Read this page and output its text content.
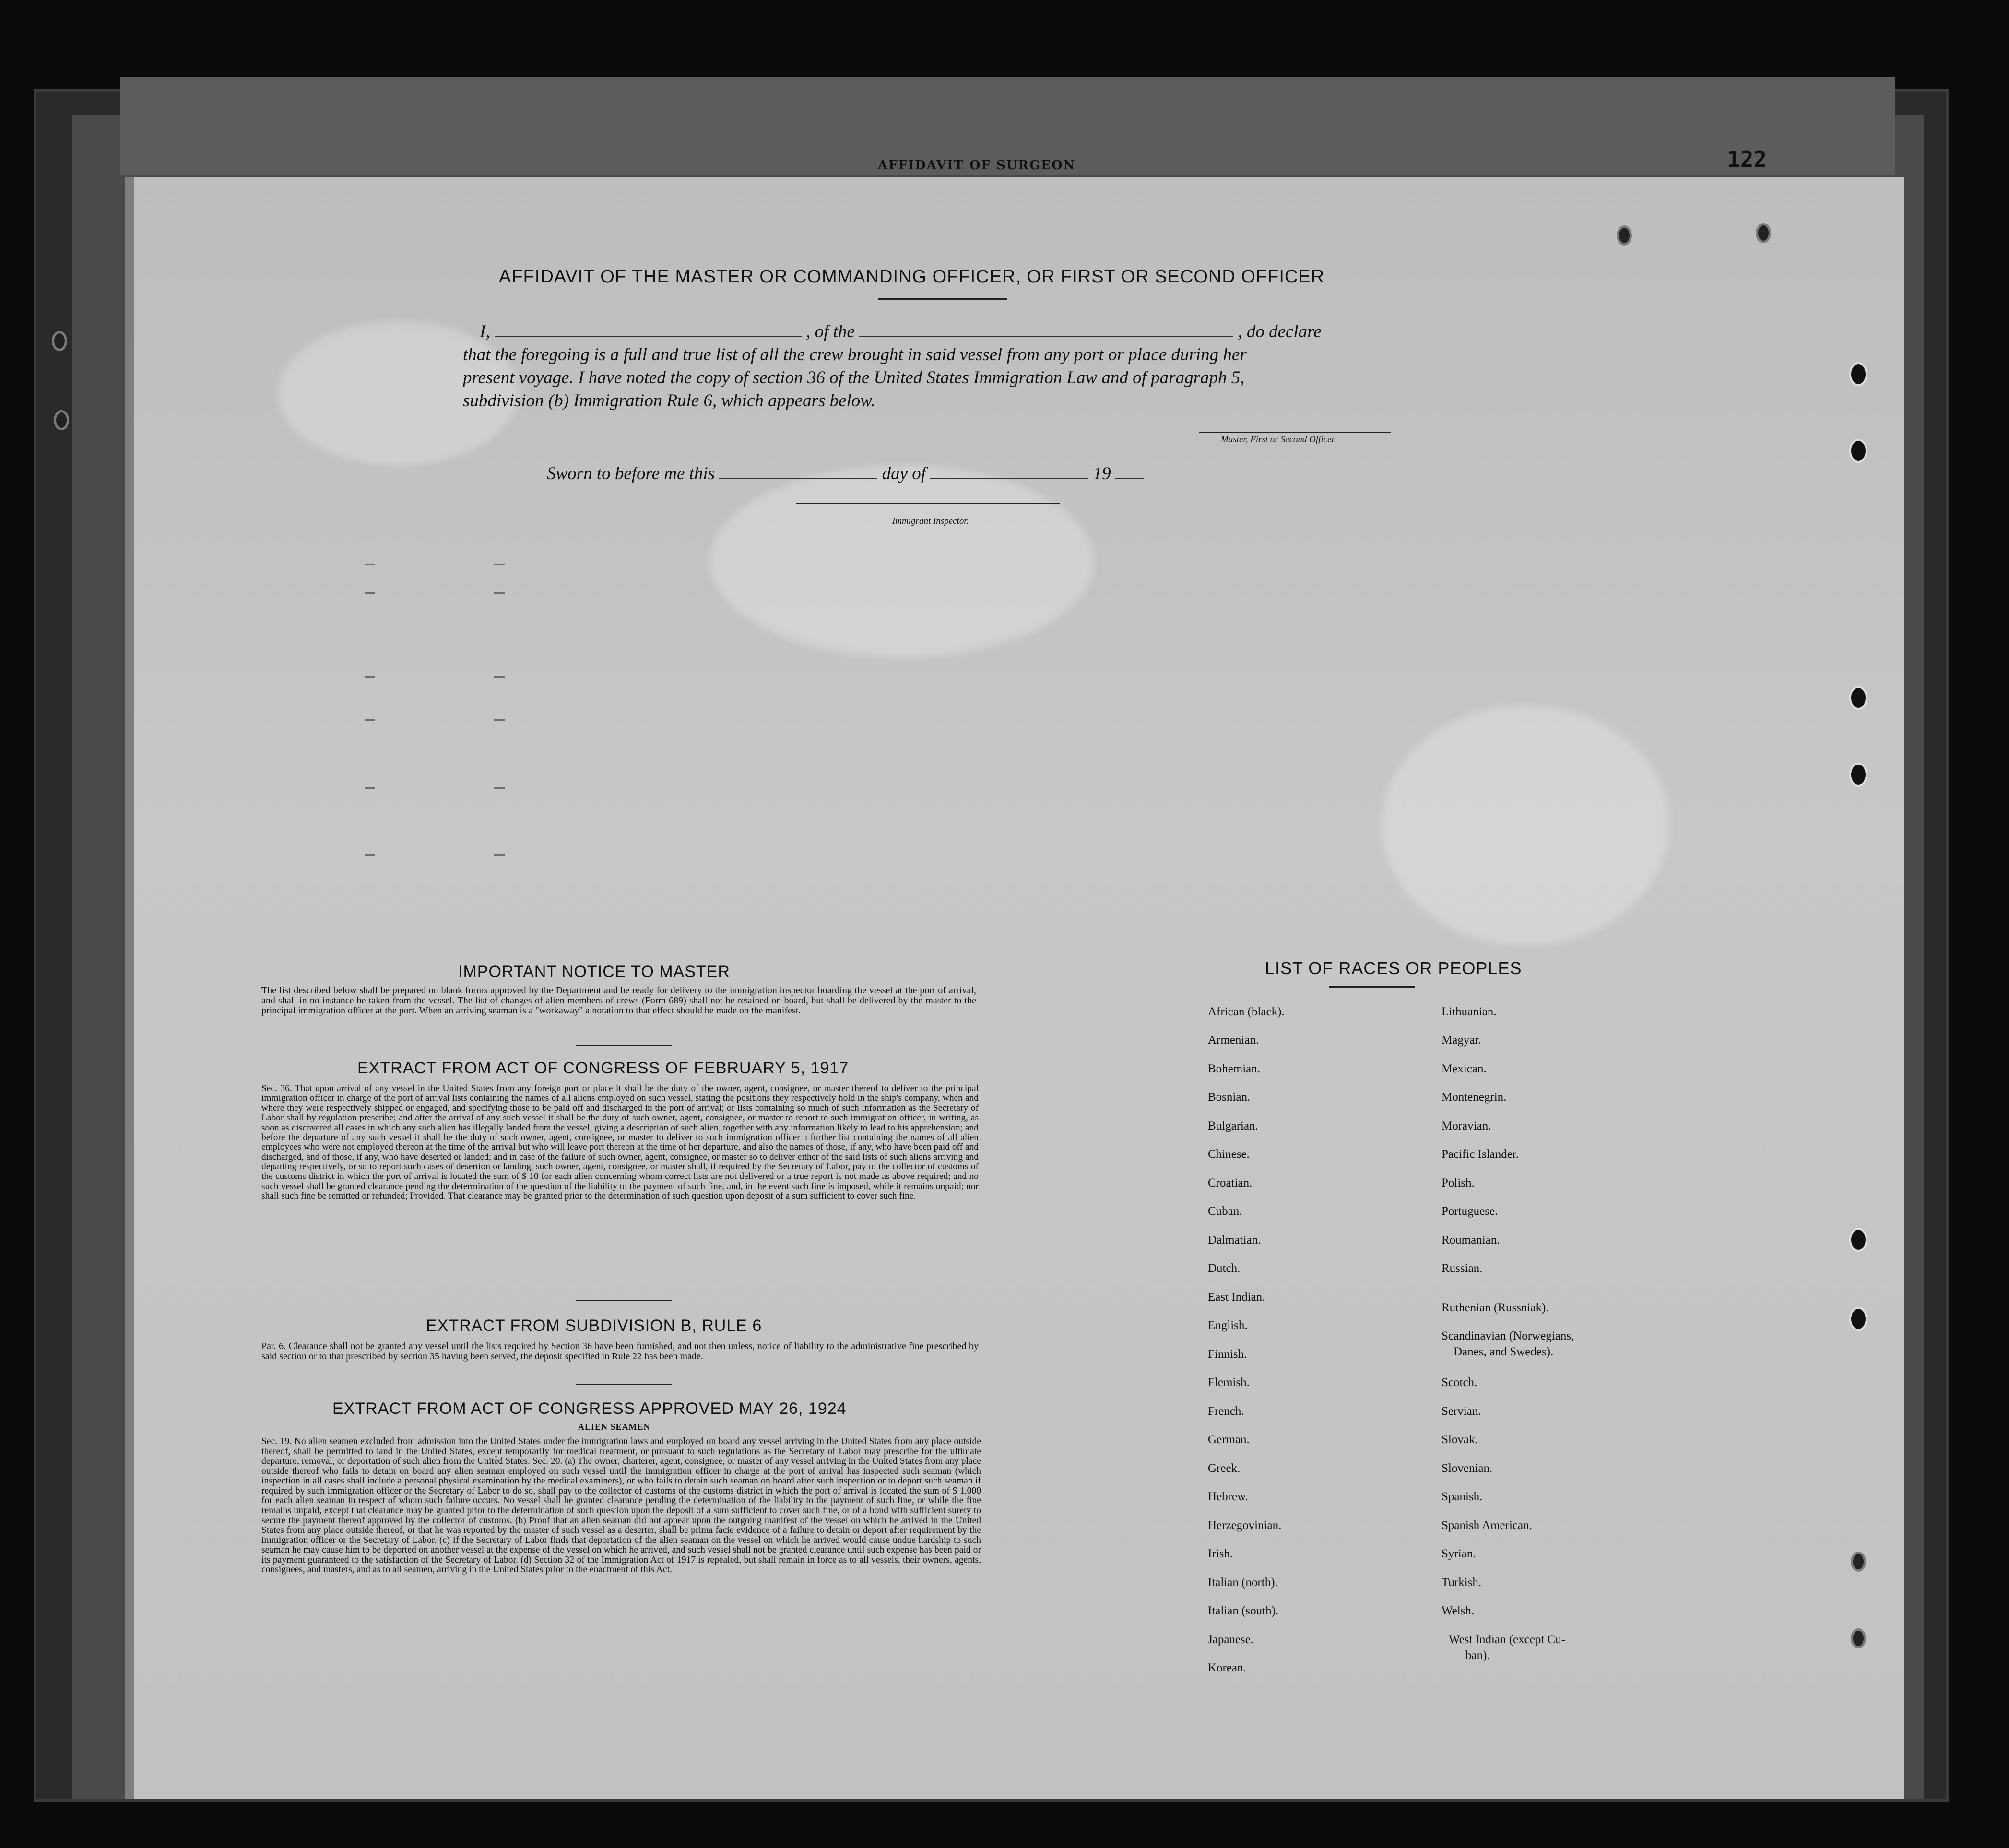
AFFIDAVIT OF SURGEON	122
AFFIDAVIT OF THE MASTER OR COMMANDING OFFICER, OR FIRST OR SECOND OFFICER
I,	, of the	, do declare
that the foregoing is a full and true list of all the crew brought in said vessel from any port or place during her
present voyage. I have noted the copy of section 36 of the United States Immigration Law and of paragraph 5,
subdivision (b) Immigration Rule 6, which appears below.
Master, First or Second Officer.
Sworn to before me this	day of	19
Immigrant Inspector.
IMPORTANT NOTICE TO MASTER
The list described below shall be prepared on blank forms approved by the Department and be ready for delivery to the immigration inspector boarding the vessel at the port of arrival, and shall in no instance be taken from the vessel. The list of changes of alien members of crews (Form 689) shall not be retained on board, but shall be delivered by the master to the principal immigration officer at the port. When an arriving seaman is a "workaway" a notation to that effect should be made on the manifest.
EXTRACT FROM ACT OF CONGRESS OF FEBRUARY 5, 1917
Sec. 36. That upon arrival of any vessel in the United States from any foreign port or place it shall be the duty of the owner, agent, consignee, or master thereof to deliver to the principal immigration officer in charge of the port of arrival lists containing the names of all aliens employed on such vessel, stating the positions they respectively hold in the ship's company, when and where they were respectively shipped or engaged, and specifying those to be paid off and discharged in the port of arrival; or lists containing so much of such information as the Secretary of Labor shall by regulation prescribe; and after the arrival of any such vessel it shall be the duty of such owner, agent, consignee, or master to report to such immigration officer, in writing, as soon as discovered all cases in which any such alien has illegally landed from the vessel, giving a description of such alien, together with any information likely to lead to his apprehension; and before the departure of any such vessel it shall be the duty of such owner, agent, consignee, or master to deliver to such immigration officer a further list containing the names of all alien employees who were not employed thereon at the time of the arrival but who will leave port thereon at the time of her departure, and also the names of those, if any, who have been paid off and discharged, and of those, if any, who have deserted or landed; and in case of the failure of such owner, agent, consignee, or master so to deliver either of the said lists of such aliens arriving and departing respectively, or so to report such cases of desertion or landing, such owner, agent, consignee, or master shall, if required by the Secretary of Labor, pay to the collector of customs of the customs district in which the port of arrival is located the sum of $ 10 for each alien concerning whom correct lists are not delivered or a true report is not made as above required; and no such vessel shall be granted clearance pending the determination of the question of the liability to the payment of such fine, and, in the event such fine is imposed, while it remains unpaid; nor shall such fine be remitted or refunded; Provided. That clearance may be granted prior to the determination of such question upon deposit of a sum sufficient to cover such fine.
EXTRACT FROM SUBDIVISION B, RULE 6
Par. 6. Clearance shall not be granted any vessel until the lists required by Section 36 have been furnished, and not then unless, notice of liability to the administrative fine prescribed by said section or to that prescribed by section 35 having been served, the deposit specified in Rule 22 has been made.
EXTRACT FROM ACT OF CONGRESS APPROVED MAY 26, 1924
ALIEN SEAMEN
Sec. 19. No alien seamen excluded from admission into the United States under the immigration laws and employed on board any vessel arriving in the United States from any place outside thereof, shall be permitted to land in the United States, except temporarily for medical treatment, or pursuant to such regulations as the Secretary of Labor may prescribe for the ultimate departure, removal, or deportation of such alien from the United States. Sec. 20. (a) The owner, charterer, agent, consignee, or master of any vessel arriving in the United States from any place outside thereof who fails to detain on board any alien seaman employed on such vessel until the immigration officer in charge at the port of arrival has inspected such seaman (which inspection in all cases shall include a personal physical examination by the medical examiners), or who fails to detain such seaman on board after such inspection or to deport such seaman if required by such immigration officer or the Secretary of Labor to do so, shall pay to the collector of customs of the customs district in which the port of arrival is located the sum of $ 1,000 for each alien seaman in respect of whom such failure occurs. No vessel shall be granted clearance pending the determination of the liability to the payment of such fine, or while the fine remains unpaid, except that clearance may be granted prior to the determination of such question upon the deposit of a sum sufficient to cover such fine, or of a bond with sufficient surety to secure the payment thereof approved by the collector of customs. (b) Proof that an alien seaman did not appear upon the outgoing manifest of the vessel on which he arrived in the United States from any place outside thereof, or that he was reported by the master of such vessel as a deserter, shall be prima facie evidence of a failure to detain or deport after requirement by the immigration officer or the Secretary of Labor. (c) If the Secretary of Labor finds that deportation of the alien seaman on the vessel on which he arrived would cause undue hardship to such seaman he may cause him to be deported on another vessel at the expense of the vessel on which he arrived, and such vessel shall not be granted clearance until such expense has been paid or its payment guaranteed to the satisfaction of the Secretary of Labor. (d) Section 32 of the Immigration Act of 1917 is repealed, but shall remain in force as to all vessels, their owners, agents, consignees, and masters, and as to all seamen, arriving in the United States prior to the enactment of this Act.
LIST OF RACES OR PEOPLES
African (black).
Armenian.
Bohemian.
Bosnian.
Bulgarian.
Chinese.
Croatian.
Cuban.
Dalmatian.
Dutch.
East Indian.
English.
Finnish.
Flemish.
French.
German.
Greek.
Hebrew.
Herzegovinian.
Irish.
Italian (north).
Italian (south).
Japanese.
Korean.
Lithuanian.
Magyar.
Mexican.
Montenegrin.
Moravian.
Pacific Islander.
Polish.
Portuguese.
Roumanian.
Russian.
Ruthenian (Russniak).
Scandinavian (Norwegians,
Danes, and Swedes).
Scotch.
Servian.
Slovak.
Slovenian.
Spanish.
Spanish American.
Syrian.
Turkish.
Welsh.
West Indian (except Cu-
ban).
